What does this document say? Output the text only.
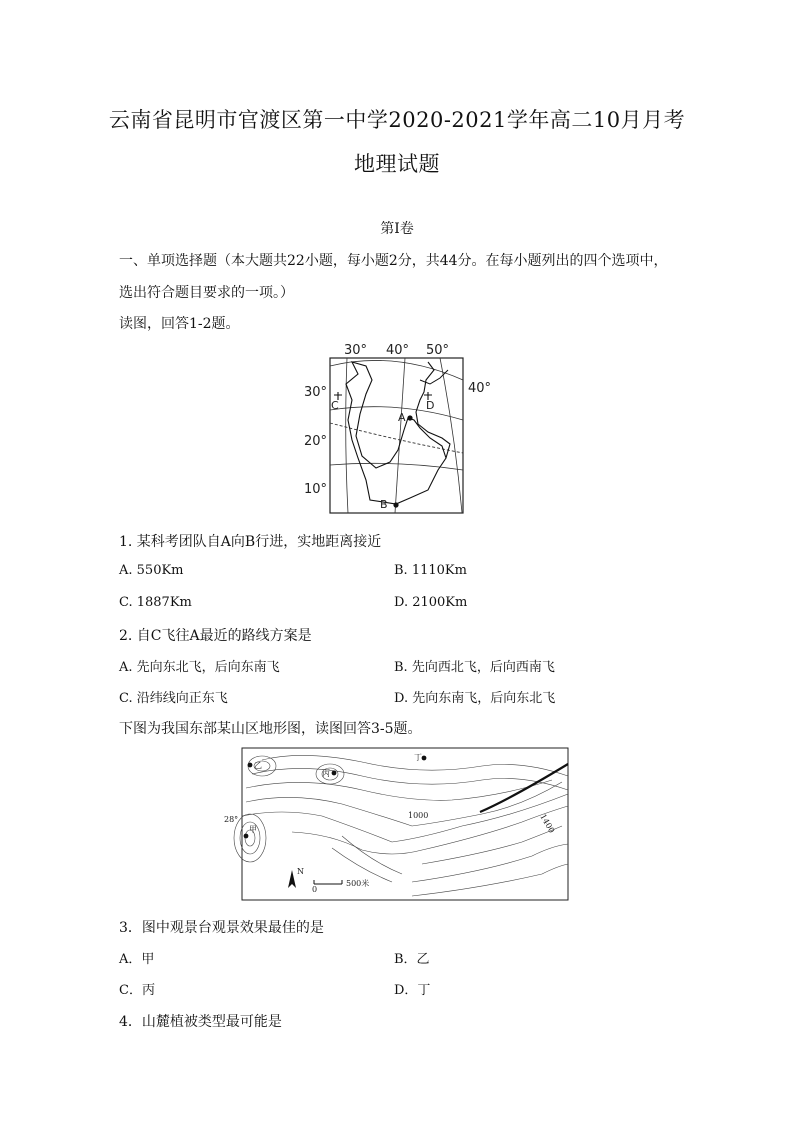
云南省昆明市官渡区第一中学2020-2021学年高二10月月考
地理试题
第Ⅰ卷
一、单项选择题（本大题共22小题，每小题2分，共44分。在每小题列出的四个选项中，
选出符合题目要求的一项。）
读图，回答1-2题。
30° 40° 50°
30°
20°
10°
40°
A
B
C	D
1. 某科考团队自A向B行进，实地距离接近
A. 550Km	B. 1110Km
C. 1887Km	D. 2100Km
2. 自C飞往A最近的路线方案是
A. 先向东北飞，后向东南飞	B. 先向西北飞，后向西南飞
C. 沿纬线向正东飞	D. 先向东南飞，后向东北飞
下图为我国东部某山区地形图，读图回答3-5题。
1000	1400
28°
乙
丙
丁
甲
N
0
500米
3．图中观景台观景效果最佳的是
A．甲	B．乙
C．丙	D．丁
4．山麓植被类型最可能是
